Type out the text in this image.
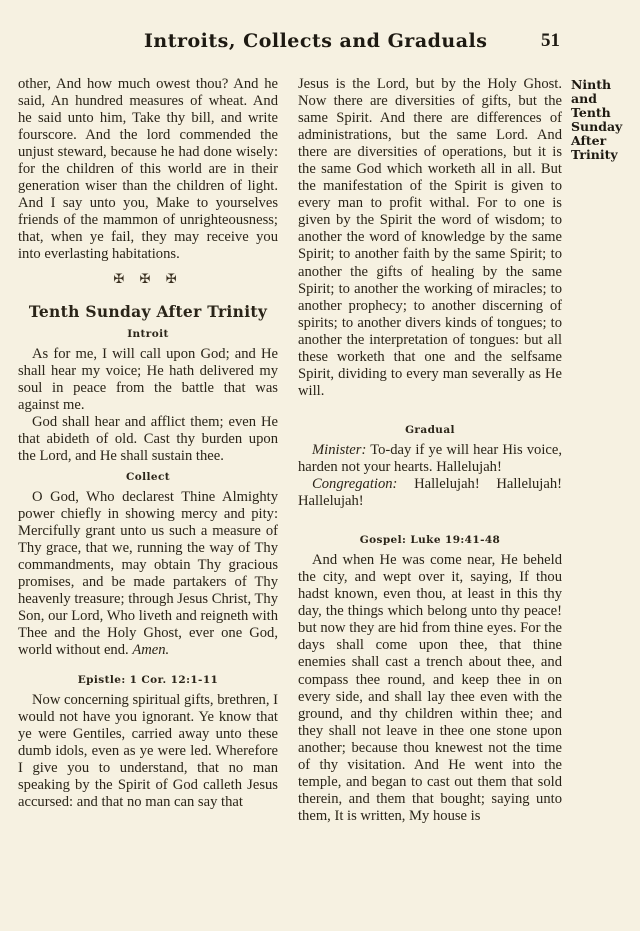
Introits, Collects and Graduals	51

other, And how much owest thou? And he said, An hundred measures of wheat. And he said unto him, Take thy bill, and write fourscore. And the lord commended the unjust steward, because he had done wisely: for the children of this world are in their generation wiser than the children of light. And I say unto you, Make to yourselves friends of the mammon of unrighteousness; that, when ye fail, they may receive you into everlasting habitations.

✠ ✠ ✠
Tenth Sunday After Trinity
Introit

As for me, I will call upon God; and He shall hear my voice; He hath delivered my soul in peace from the battle that was against me.

God shall hear and afflict them; even He that abideth of old. Cast thy burden upon the Lord, and He shall sustain thee.

Collect

O God, Who declarest Thine Almighty power chiefly in showing mercy and pity: Mercifully grant unto us such a measure of Thy grace, that we, running the way of Thy commandments, may obtain Thy gracious promises, and be made partakers of Thy heavenly treasure; through Jesus Christ, Thy Son, our Lord, Who liveth and reigneth with Thee and the Holy Ghost, ever one God, world without end. Amen.

Epistle: 1 Cor. 12:1-11

Now concerning spiritual gifts, brethren, I would not have you ignorant. Ye know that ye were Gentiles, carried away unto these dumb idols, even as ye were led. Wherefore I give you to understand, that no man speaking by the Spirit of God calleth Jesus accursed: and that no man can say that

Jesus is the Lord, but by the Holy Ghost. Now there are diversities of gifts, but the same Spirit. And there are differences of administrations, but the same Lord. And there are diversities of operations, but it is the same God which worketh all in all. But the manifestation of the Spirit is given to every man to profit withal. For to one is given by the Spirit the word of wisdom; to another the word of knowledge by the same Spirit; to another faith by the same Spirit; to another the gifts of healing by the same Spirit; to another the working of miracles; to another prophecy; to another discerning of spirits; to another divers kinds of tongues; to another the interpretation of tongues: but all these worketh that one and the selfsame Spirit, dividing to every man severally as He will.

Gradual

Minister: To-day if ye will hear His voice, harden not your hearts. Hallelujah!

Congregation: Hallelujah! Hallelujah! Hallelujah!

Gospel: Luke 19:41-48

And when He was come near, He beheld the city, and wept over it, saying, If thou hadst known, even thou, at least in this thy day, the things which belong unto thy peace! but now they are hid from thine eyes. For the days shall come upon thee, that thine enemies shall cast a trench about thee, and compass thee round, and keep thee in on every side, and shall lay thee even with the ground, and thy children within thee; and they shall not leave in thee one stone upon another; because thou knewest not the time of thy visitation. And He went into the temple, and began to cast out them that sold therein, and them that bought; saying unto them, It is written, My house is

Ninth and
Tenth
Sunday
After
Trinity
